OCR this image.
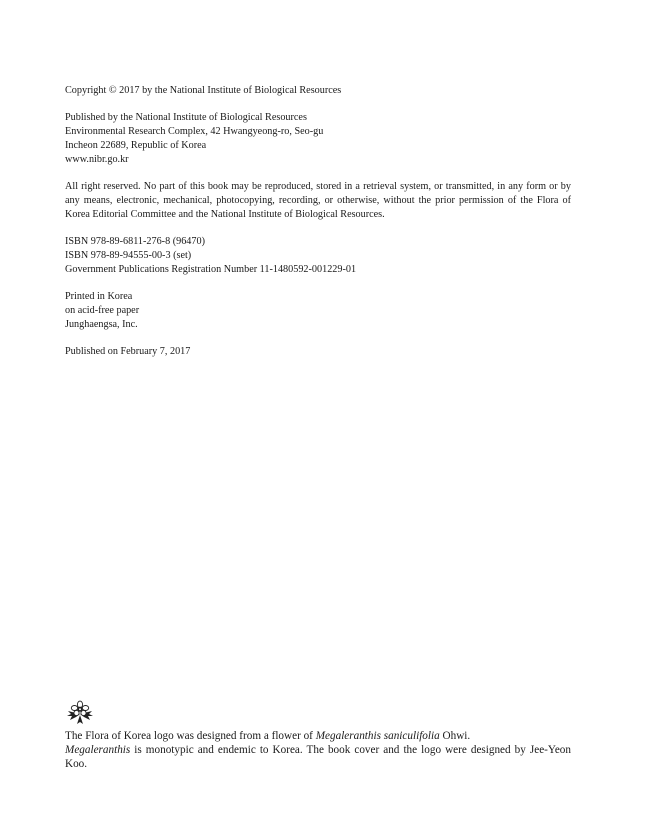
Copyright © 2017 by the National Institute of Biological Resources
Published by the National Institute of Biological Resources
Environmental Research Complex, 42 Hwangyeong-ro, Seo-gu
Incheon 22689, Republic of Korea
www.nibr.go.kr
All right reserved. No part of this book may be reproduced, stored in a retrieval system, or transmitted, in any form or by any means, electronic, mechanical, photocopying, recording, or otherwise, without the prior permission of the Flora of Korea Editorial Committee and the National Institute of Biological Resources.
ISBN 978-89-6811-276-8 (96470)
ISBN 978-89-94555-00-3 (set)
Government Publications Registration Number 11-1480592-001229-01
Printed in Korea
on acid-free paper
Junghaengsa, Inc.
Published on February 7, 2017

The Flora of Korea logo was designed from a flower of Megaleranthis saniculifolia Ohwi.
Megaleranthis is monotypic and endemic to Korea. The book cover and the logo were designed by Jee-Yeon Koo.
